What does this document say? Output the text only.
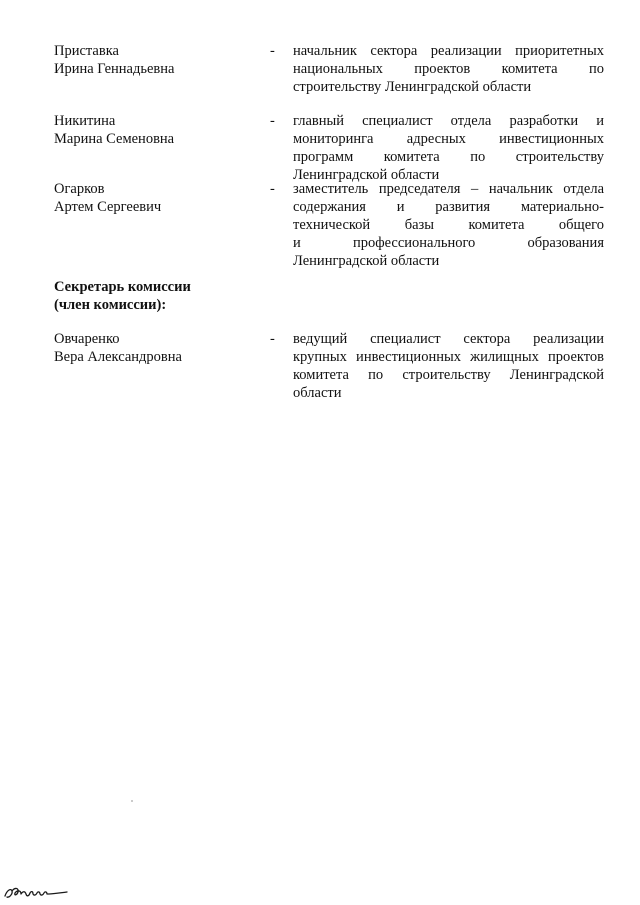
Приставка
Ирина Геннадьевна
- начальник сектора реализации приоритетных
национальных проектов комитета по
строительству Ленинградской области
Никитина
Марина Семеновна
- главный специалист отдела разработки и
мониторинга адресных инвестиционных
программ комитета по строительству
Ленинградской области
Огарков
Артем Сергеевич
- заместитель председателя – начальник отдела
содержания и развития материально-
технической базы комитета общего
и профессионального образования
Ленинградской области
Секретарь комиссии
(член комиссии):
Овчаренко
Вера Александровна
- ведущий специалист сектора реализации
крупных инвестиционных жилищных проектов
комитета по строительству Ленинградской
области
